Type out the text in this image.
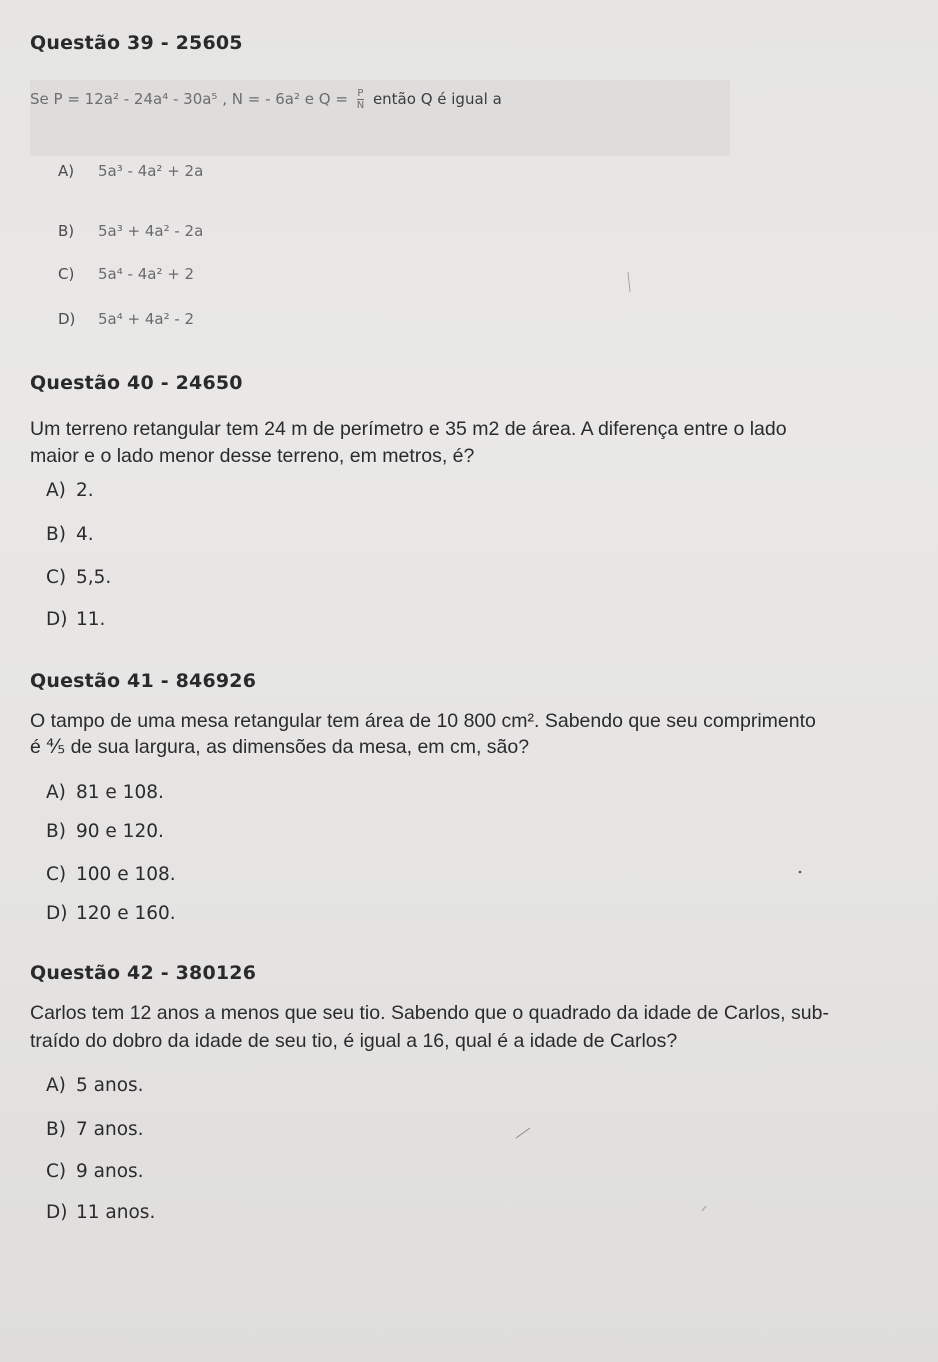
Questão 39 - 25605
Se P = 12a² - 24a⁴ - 30a⁵ , N = - 6a² e $Q = \frac{P}{N}$ então Q é igual a
A) 5a³ - 4a² + 2a
B) 5a³ + 4a² - 2a
C) 5a⁴ - 4a² + 2
D) 5a⁴ + 4a² - 2
Questão 40 - 24650

Um terreno retangular tem 24 m de perímetro e 35 m2 de área. A diferença entre o lado

maior e o lado menor desse terreno, em metros, é?

A) 2.
B) 4.
C) 5,5.
D) 11.
Questão 41 - 846926

O tampo de uma mesa retangular tem área de 10 800 cm². Sabendo que seu comprimento

é ⅘ de sua largura, as dimensões da mesa, em cm, são?

A) 81 e 108.
B) 90 e 120.
C) 100 e 108.
D) 120 e 160.
Questão 42 - 380126

Carlos tem 12 anos a menos que seu tio. Sabendo que o quadrado da idade de Carlos, sub-

traído do dobro da idade de seu tio, é igual a 16, qual é a idade de Carlos?

A) 5 anos.
B) 7 anos.
C) 9 anos.
D) 11 anos.
